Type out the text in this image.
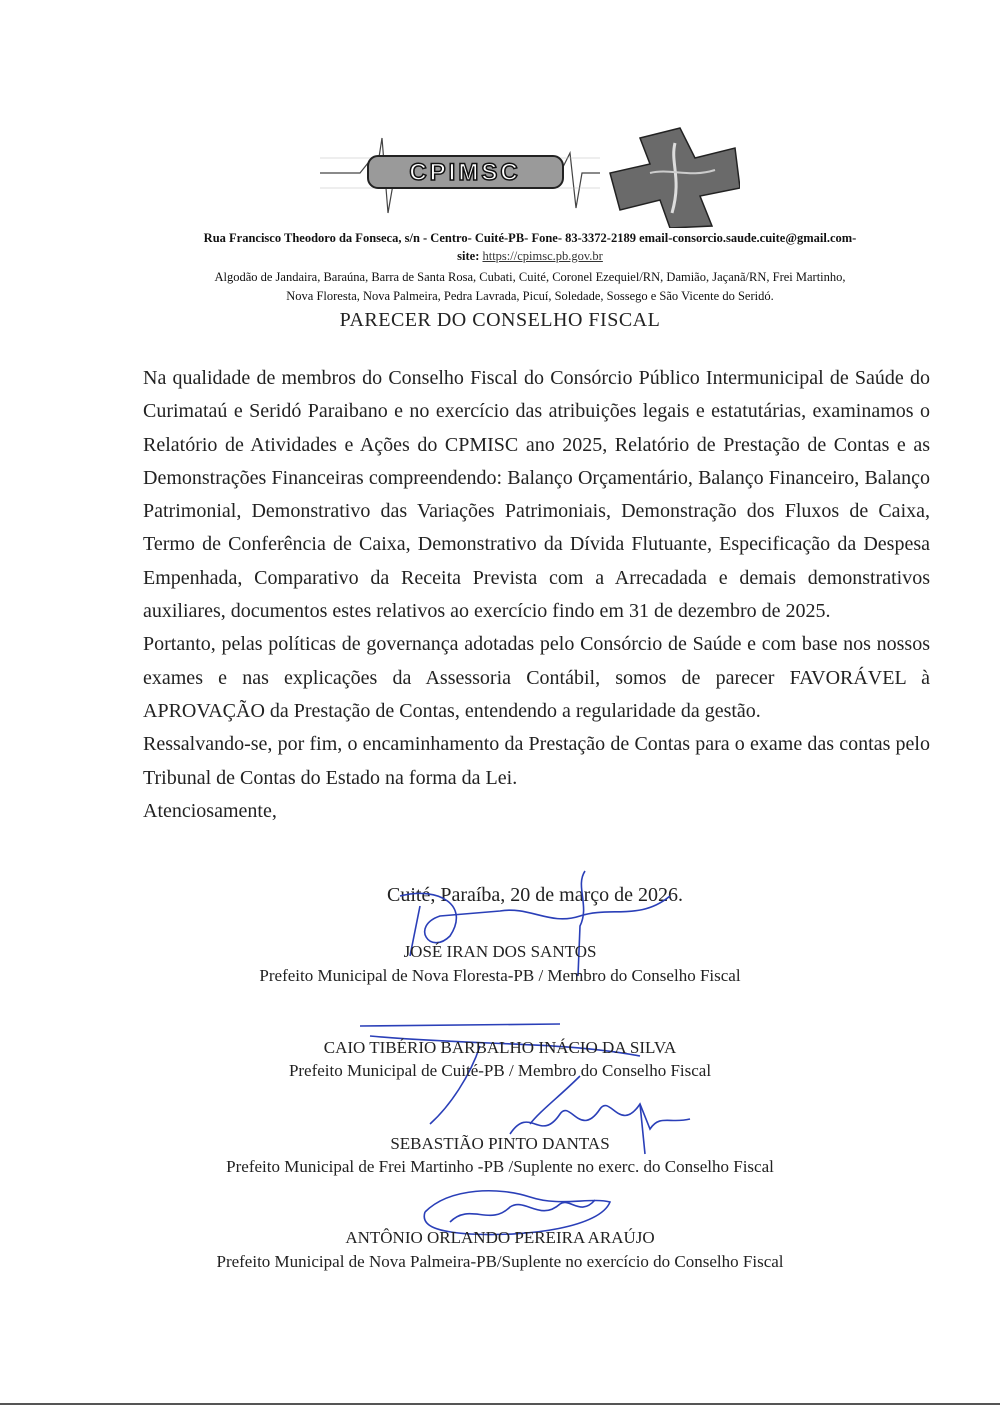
CPIMSC
Rua Francisco Theodoro da Fonseca, s/n - Centro- Cuité-PB- Fone- 83-3372-2189 email-consorcio.saude.cuite@gmail.com-
site: https://cpimsc.pb.gov.br
Algodão de Jandaira, Baraúna, Barra de Santa Rosa, Cubati, Cuité, Coronel Ezequiel/RN, Damião, Jaçanã/RN, Frei Martinho,
Nova Floresta, Nova Palmeira, Pedra Lavrada, Picuí, Soledade, Sossego e São Vicente do Seridó.
PARECER DO CONSELHO FISCAL

Na qualidade de membros do Conselho Fiscal do Consórcio Público Intermunicipal de Saúde do Curimataú e Seridó Paraibano e no exercício das atribuições legais e estatutárias, examinamos o Relatório de Atividades e Ações do CPMISC ano 2025, Relatório de Prestação de Contas e as Demonstrações Financeiras compreendendo: Balanço Orçamentário, Balanço Financeiro, Balanço Patrimonial, Demonstrativo das Variações Patrimoniais, Demonstração dos Fluxos de Caixa, Termo de Conferência de Caixa, Demonstrativo da Dívida Flutuante, Especificação da Despesa Empenhada, Comparativo da Receita Prevista com a Arrecadada e demais demonstrativos auxiliares, documentos estes relativos ao exercício findo em 31 de dezembro de 2025.

Portanto, pelas políticas de governança adotadas pelo Consórcio de Saúde e com base nos nossos exames e nas explicações da Assessoria Contábil, somos de parecer FAVORÁVEL à APROVAÇÃO da Prestação de Contas, entendendo a regularidade da gestão.

Ressalvando-se, por fim, o encaminhamento da Prestação de Contas para o exame das contas pelo Tribunal de Contas do Estado na forma da Lei.

Atenciosamente,

Cuité, Paraíba, 20 de março de 2026.
JOSÉ IRAN DOS SANTOS
Prefeito Municipal de Nova Floresta-PB / Membro do Conselho Fiscal
CAIO TIBÉRIO BARBALHO INÁCIO DA SILVA
Prefeito Municipal de Cuité-PB / Membro do Conselho Fiscal
SEBASTIÃO PINTO DANTAS
Prefeito Municipal de Frei Martinho -PB /Suplente no exerc. do Conselho Fiscal
ANTÔNIO ORLANDO PEREIRA ARAÚJO
Prefeito Municipal de Nova Palmeira-PB/Suplente no exercício do Conselho Fiscal
